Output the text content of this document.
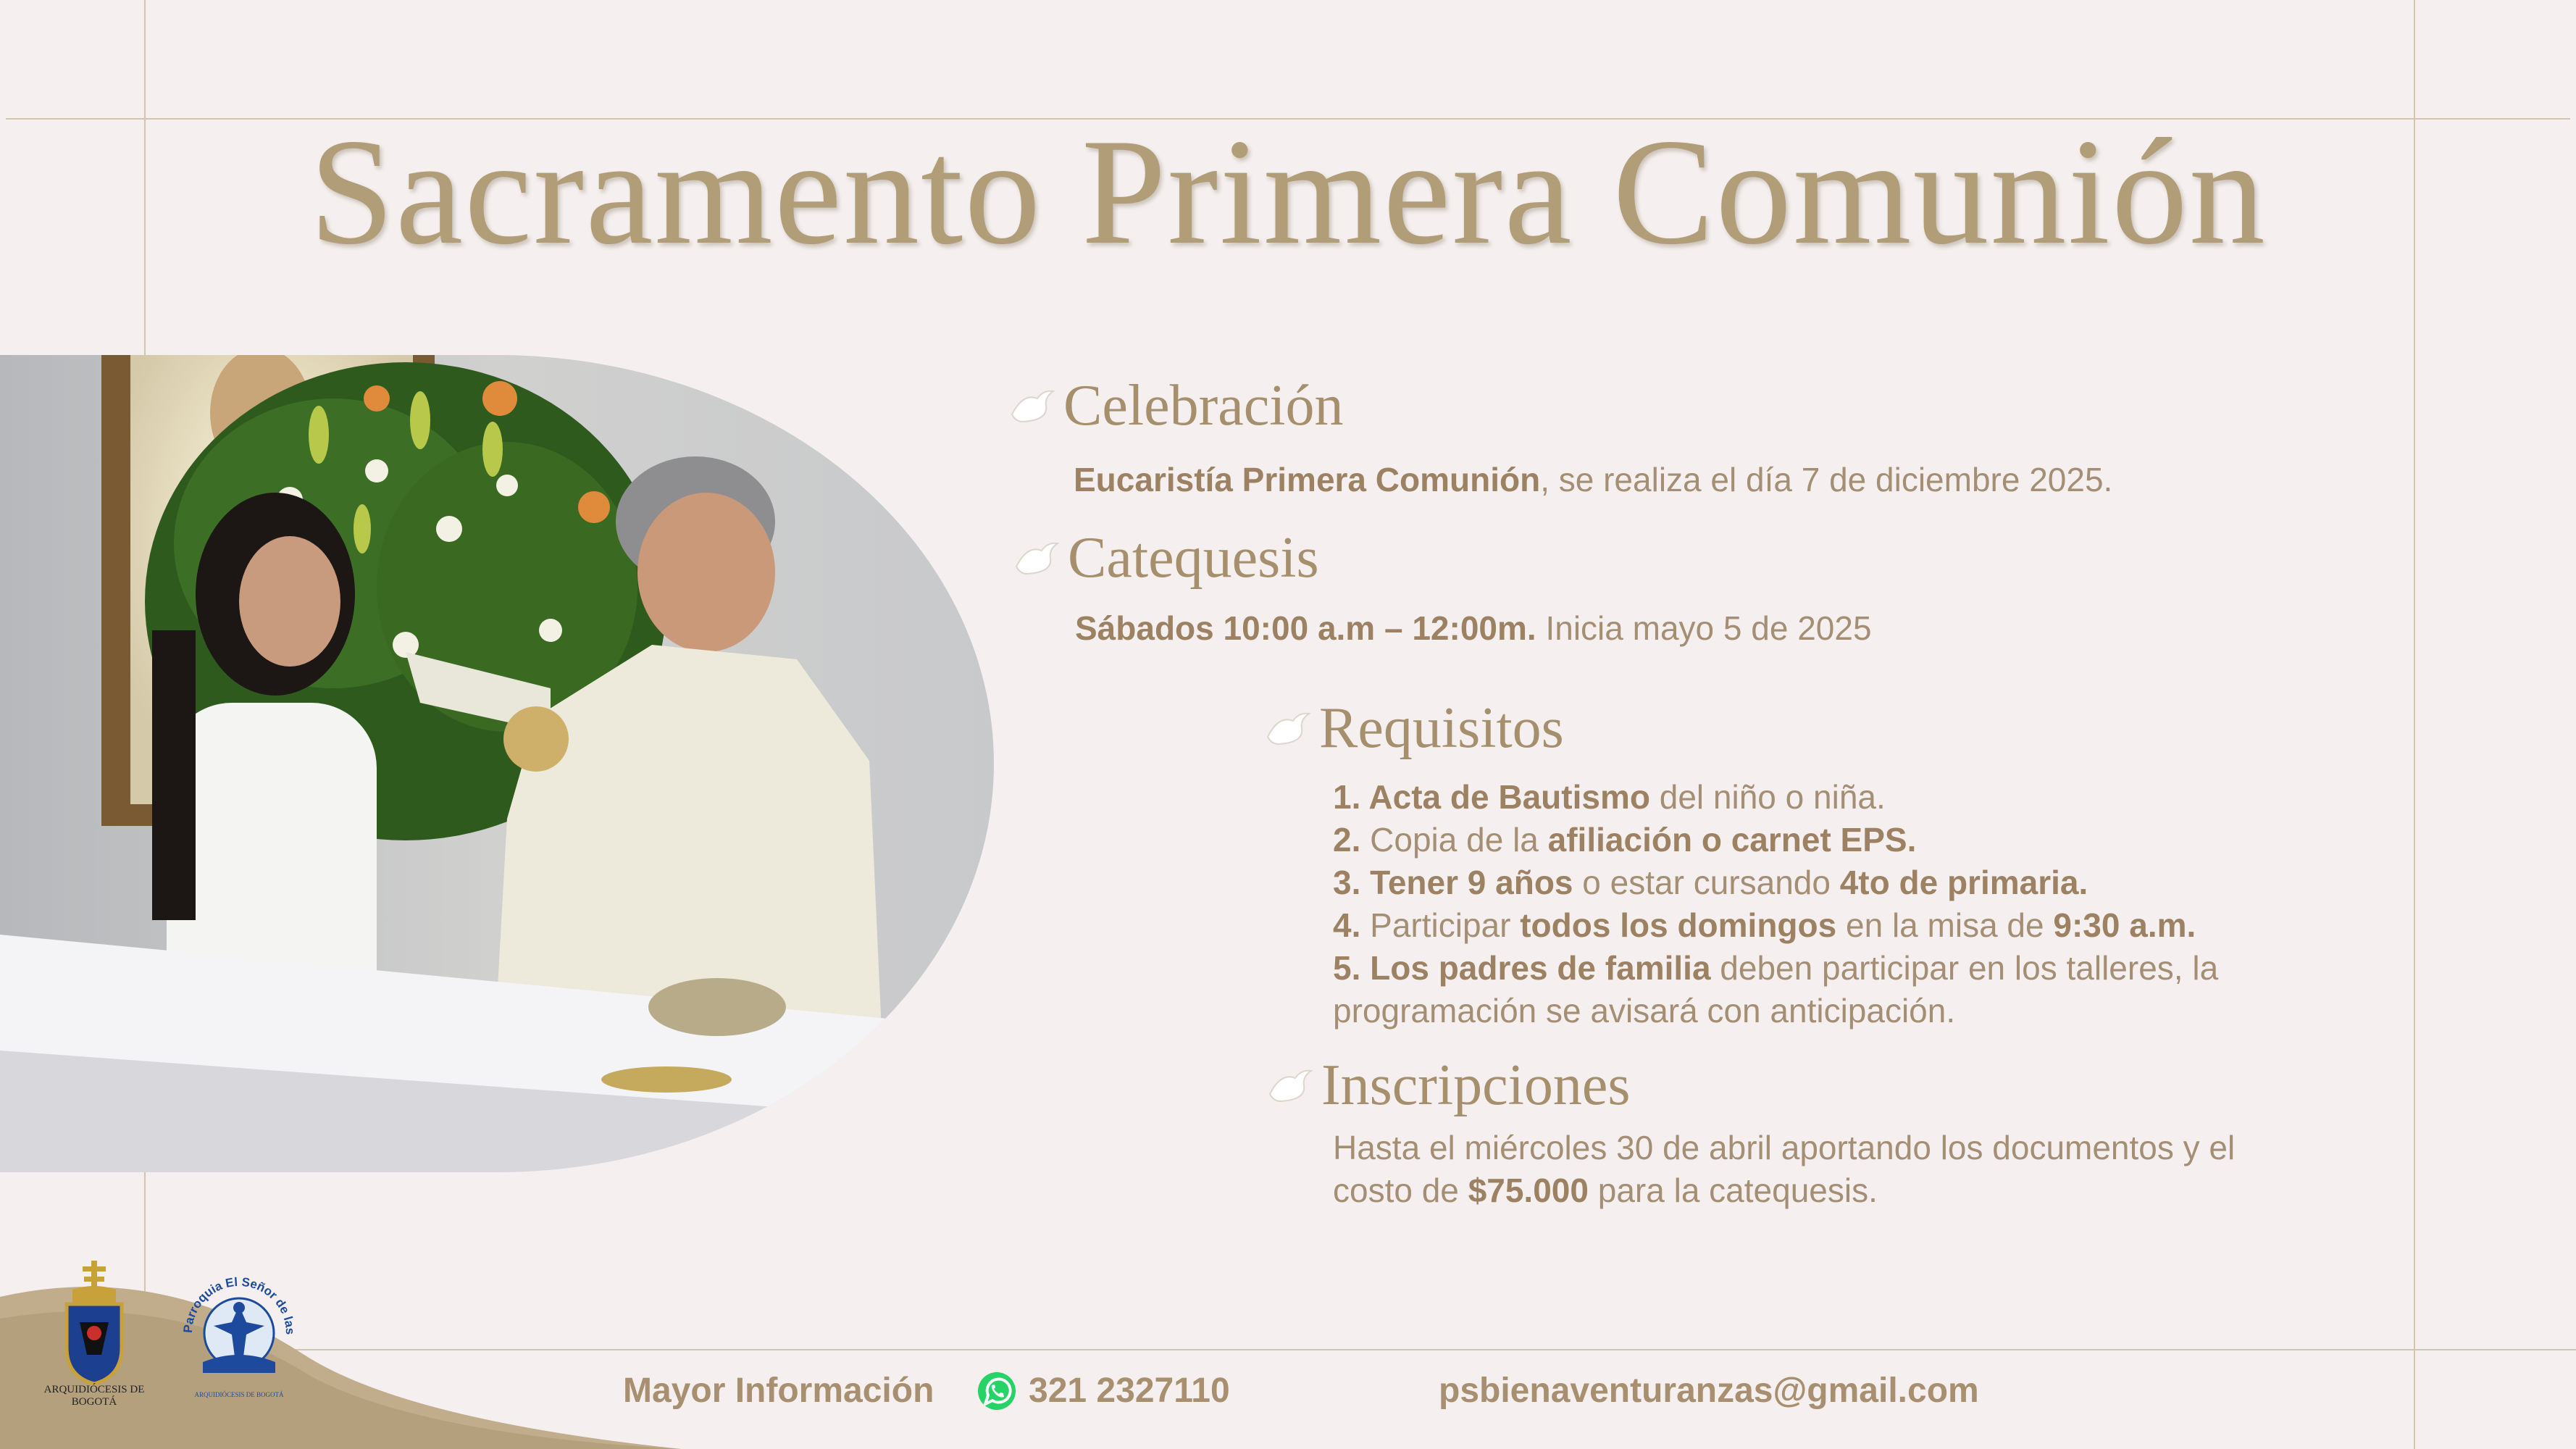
Sacramento Primera Comunión
Celebración
Eucaristía Primera Comunión, se realiza el día 7 de diciembre 2025.
Catequesis
Sábados 10:00 a.m – 12:00m. Inicia mayo 5 de 2025
Requisitos
1. Acta de Bautismo del niño o niña.
2. Copia de la afiliación o carnet EPS.
3. Tener 9 años o estar cursando 4to de primaria.
4. Participar todos los domingos en la misa de 9:30 a.m.
5. Los padres de familia deben participar en los talleres, la
programación se avisará con anticipación.
Inscripciones
Hasta el miércoles 30 de abril aportando los documentos y el
costo de $75.000 para la catequesis.
ARQUIDIÓCESIS DE BOGOTÁ
Parroquia El Señor de las
ARQUIDIÓCESIS DE BOGOTÁ	Mayor Información	321 2327110	psbienaventuranzas@gmail.com
